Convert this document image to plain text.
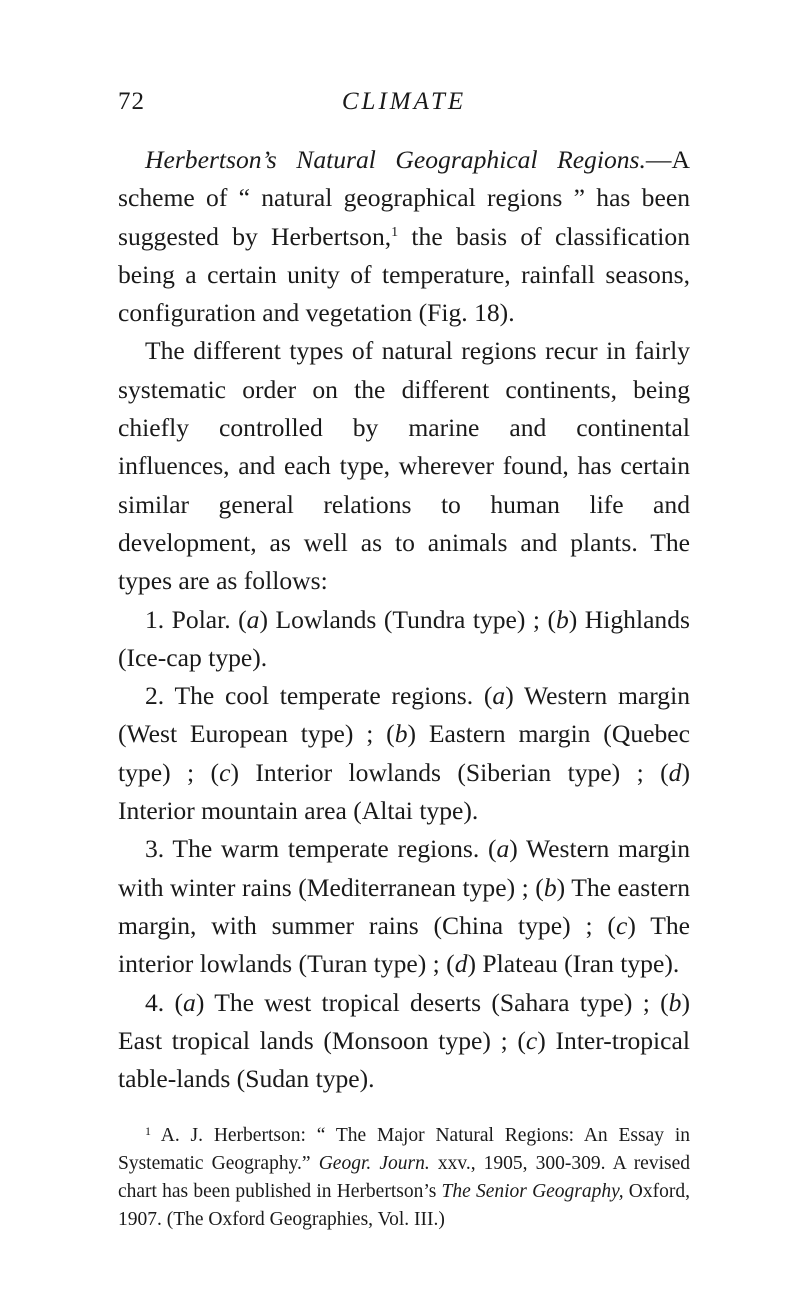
72	CLIMATE

Herbertson’s Natural Geographical Regions.—A scheme of “ natural geographical regions ” has been suggested by Herbertson,$^1$ the basis of classification being a certain unity of temperature, rainfall seasons, configuration and vegetation (Fig. 18).

The different types of natural regions recur in fairly systematic order on the different continents, being chiefly controlled by marine and continental influences, and each type, wherever found, has certain similar general relations to human life and development, as well as to animals and plants. The types are as follows:

1. Polar. (a) Lowlands (Tundra type) ; (b) Highlands (Ice-cap type).

2. The cool temperate regions. (a) Western margin (West European type) ; (b) Eastern margin (Quebec type) ; (c) Interior lowlands (Siberian type) ; (d) Interior mountain area (Altai type).

3. The warm temperate regions. (a) Western margin with winter rains (Mediterranean type) ; (b) The eastern margin, with summer rains (China type) ; (c) The interior lowlands (Turan type) ; (d) Plateau (Iran type).

4. (a) The west tropical deserts (Sahara type) ; (b) East tropical lands (Monsoon type) ; (c) Inter-tropical table-lands (Sudan type).

$^1$ A. J. Herbertson: “ The Major Natural Regions: An Essay in Systematic Geography.” Geogr. Journ. xxv., 1905, 300-309. A revised chart has been published in Herbertson’s The Senior Geography, Oxford, 1907. (The Oxford Geographies, Vol. III.)
